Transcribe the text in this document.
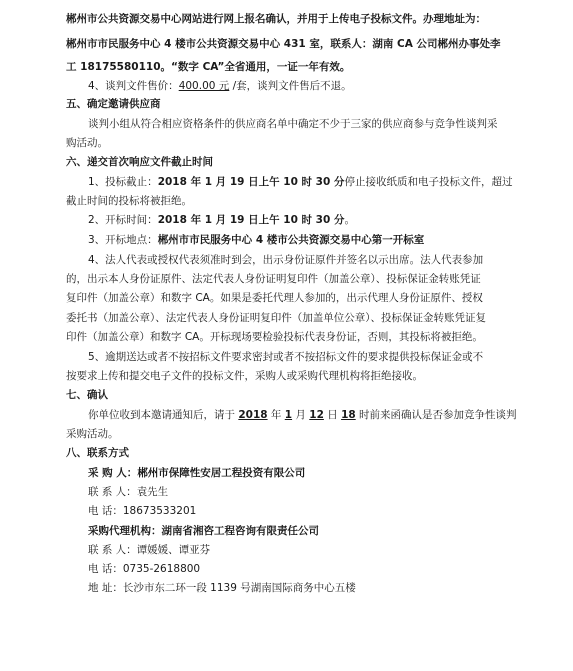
郴州市公共资源交易中心网站进行网上报名确认，并用于上传电子投标文件。办理地址为：
郴州市市民服务中心 4 楼市公共资源交易中心 431 室，联系人：湖南 CA 公司郴州办事处李
工 18175580110。“数字 CA”全省通用，一证一年有效。
4、谈判文件售价：400.00 元 /套，谈判文件售后不退。
五、确定邀请供应商
谈判小组从符合相应资格条件的供应商名单中确定不少于三家的供应商参与竞争性谈判采
购活动。
六、递交首次响应文件截止时间
1、投标截止：2018 年 1 月 19 日上午 10 时 30 分停止接收纸质和电子投标文件，超过
截止时间的投标将被拒绝。
2、开标时间：2018 年 1 月 19 日上午 10 时 30 分。
3、开标地点：郴州市市民服务中心 4 楼市公共资源交易中心第一开标室
4、法人代表或授权代表须准时到会，出示身份证原件并签名以示出席。法人代表参加
的，出示本人身份证原件、法定代表人身份证明复印件（加盖公章）、投标保证金转账凭证
复印件（加盖公章）和数字 CA。如果是委托代理人参加的，出示代理人身份证原件、授权
委托书（加盖公章）、法定代表人身份证明复印件（加盖单位公章）、投标保证金转账凭证复
印件（加盖公章）和数字 CA。开标现场要检验投标代表身份证，否则，其投标将被拒绝。
5、逾期送达或者不按招标文件要求密封或者不按招标文件的要求提供投标保证金或不
按要求上传和提交电子文件的投标文件，采购人或采购代理机构将拒绝接收。
七、确认
你单位收到本邀请通知后，请于 2018 年 1 月 12 日 18 时前来函确认是否参加竞争性谈判
采购活动。
八、联系方式
采 购 人：郴州市保障性安居工程投资有限公司
联 系 人：袁先生
电 话：18673533201
采购代理机构：湖南省湘咨工程咨询有限责任公司
联 系 人：谭媛媛、谭亚芬
电 话：0735-2618800
地 址：长沙市东二环一段 1139 号湖南国际商务中心五楼
